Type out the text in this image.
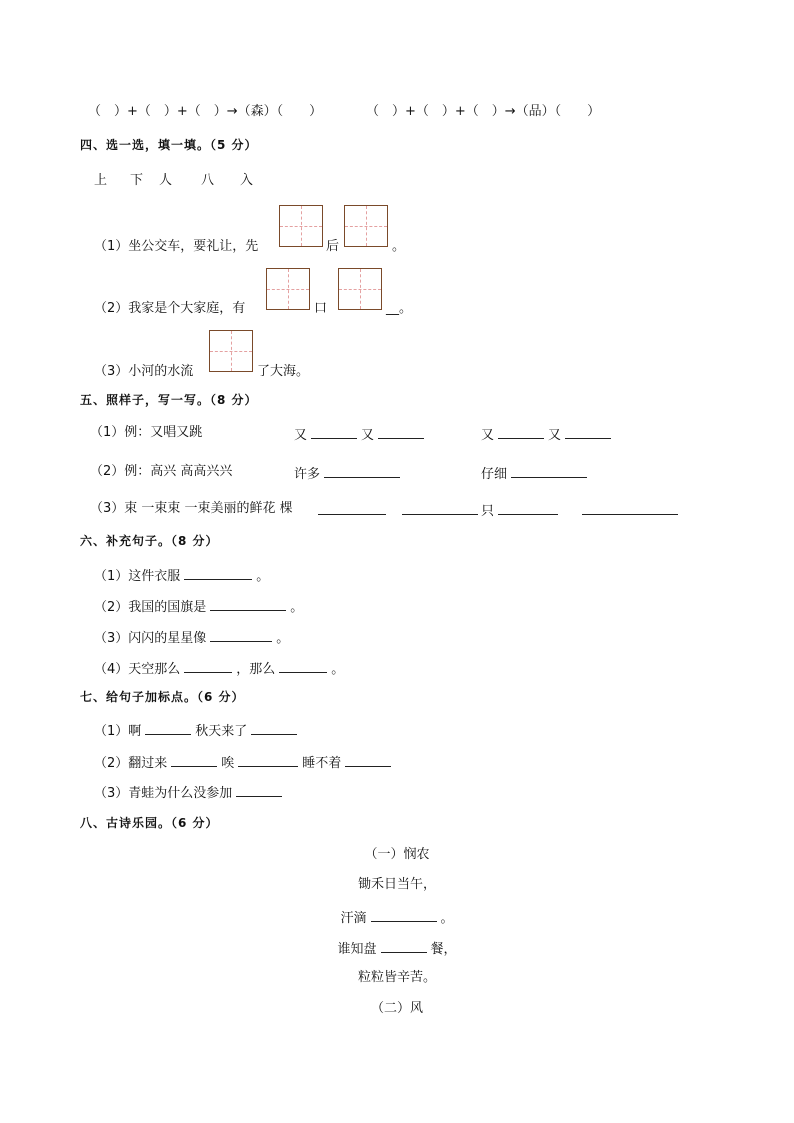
（　）+（　）+（　）→（森）（　　）	（　）+（　）+（　）→（品）（　　）
四、选一选，填一填。（5 分）
上 下 人 八 入
（1）坐公交车，要礼让，先	后	。
（2）我家是个大家庭，有	口	__。
（3）小河的水流	了大海。
五、照样子，写一写。（8 分）
（1）例：又唱又跳	又	又	又	又
（2）例：高兴 高高兴兴	许多	仔细
（3）束 一束束 一束美丽的鲜花 棵	只
六、补充句子。（8 分）
（1）这件衣服	。
（2）我国的国旗是	。
（3）闪闪的星星像	。
（4）天空那么	，那么	。
七、给句子加标点。（6 分）
（1）啊	秋天来了
（2）翻过来	唉	睡不着
（3）青蛙为什么没参加
八、古诗乐园。（6 分）
（一）悯农
锄禾日当午，
汗滴	。
谁知盘	餐，
粒粒皆辛苦。
（二）风
